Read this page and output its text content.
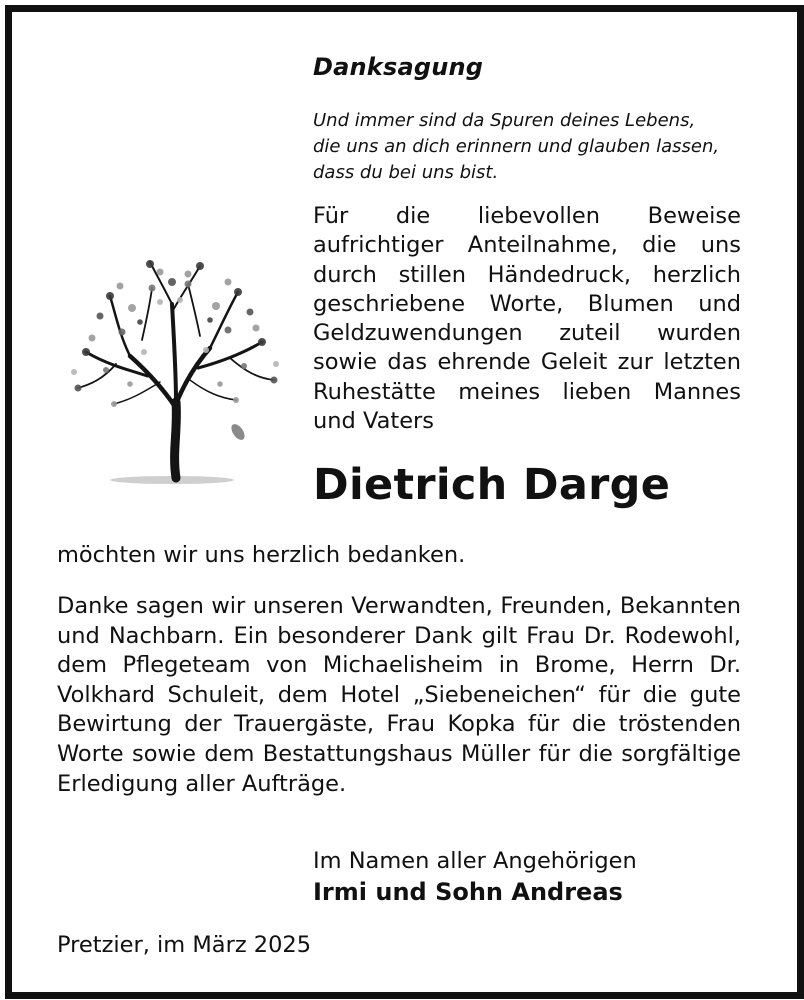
Danksagung
Und immer sind da Spuren deines Lebens,
die uns an dich erinnern und glauben lassen,
dass du bei uns bist.
Für die liebevollen Beweise aufrichtiger Anteilnahme, die uns durch stillen Händedruck, herzlich geschriebene Worte, Blumen und Geldzuwendungen zuteil wurden sowie das ehrende Geleit zur letzten Ruhestätte meines lieben Mannes und Vaters
Dietrich Darge
möchten wir uns herzlich bedanken.
Danke sagen wir unseren Verwandten, Freunden, Bekannten und Nachbarn. Ein besonderer Dank gilt Frau Dr. Rodewohl, dem Pflegeteam von Michaelisheim in Brome, Herrn Dr. Volkhard Schuleit, dem Hotel „Siebeneichen“ für die gute Bewirtung der Trauergäste, Frau Kopka für die tröstenden Worte sowie dem Bestattungshaus Müller für die sorgfältige Erledigung aller Aufträge.
Im Namen aller Angehörigen
Irmi und Sohn Andreas
Pretzier, im März 2025
